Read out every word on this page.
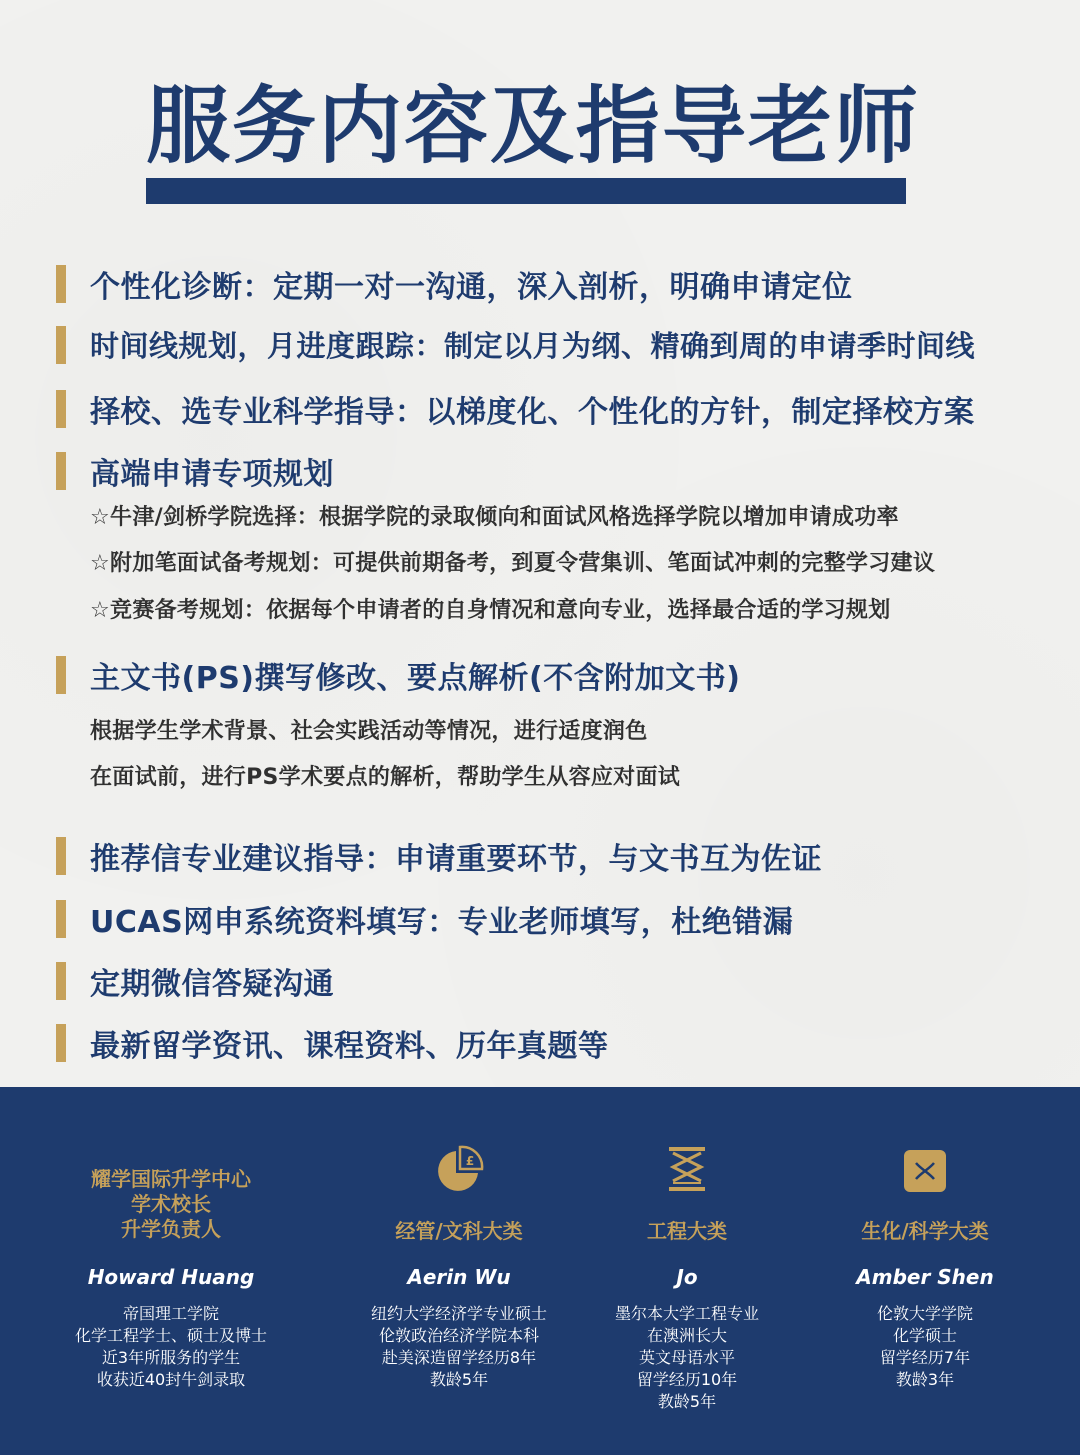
服务内容及指导老师
个性化诊断：定期一对一沟通，深入剖析，明确申请定位
时间线规划，月进度跟踪：制定以月为纲、精确到周的申请季时间线
择校、选专业科学指导：以梯度化、个性化的方针，制定择校方案
高端申请专项规划
☆牛津/剑桥学院选择：根据学院的录取倾向和面试风格选择学院以增加申请成功率
☆附加笔面试备考规划：可提供前期备考，到夏令营集训、笔面试冲刺的完整学习建议
☆竞赛备考规划：依据每个申请者的自身情况和意向专业，选择最合适的学习规划
主文书(PS)撰写修改、要点解析(不含附加文书)
根据学生学术背景、社会实践活动等情况，进行适度润色
在面试前，进行PS学术要点的解析，帮助学生从容应对面试
推荐信专业建议指导：申请重要环节，与文书互为佐证
UCAS网申系统资料填写：专业老师填写，杜绝错漏
定期微信答疑沟通
最新留学资讯、课程资料、历年真题等
耀学国际升学中心
学术校长
升学负责人
Howard Huang
帝国理工学院
化学工程学士、硕士及博士
近3年所服务的学生
收获近40封牛剑录取
£
经管/文科大类
Aerin Wu
纽约大学经济学专业硕士
伦敦政治经济学院本科
赴美深造留学经历8年
教龄5年
工程大类
Jo
墨尔本大学工程专业
在澳洲长大
英文母语水平
留学经历10年
教龄5年
生化/科学大类
Amber Shen
伦敦大学学院
化学硕士
留学经历7年
教龄3年
